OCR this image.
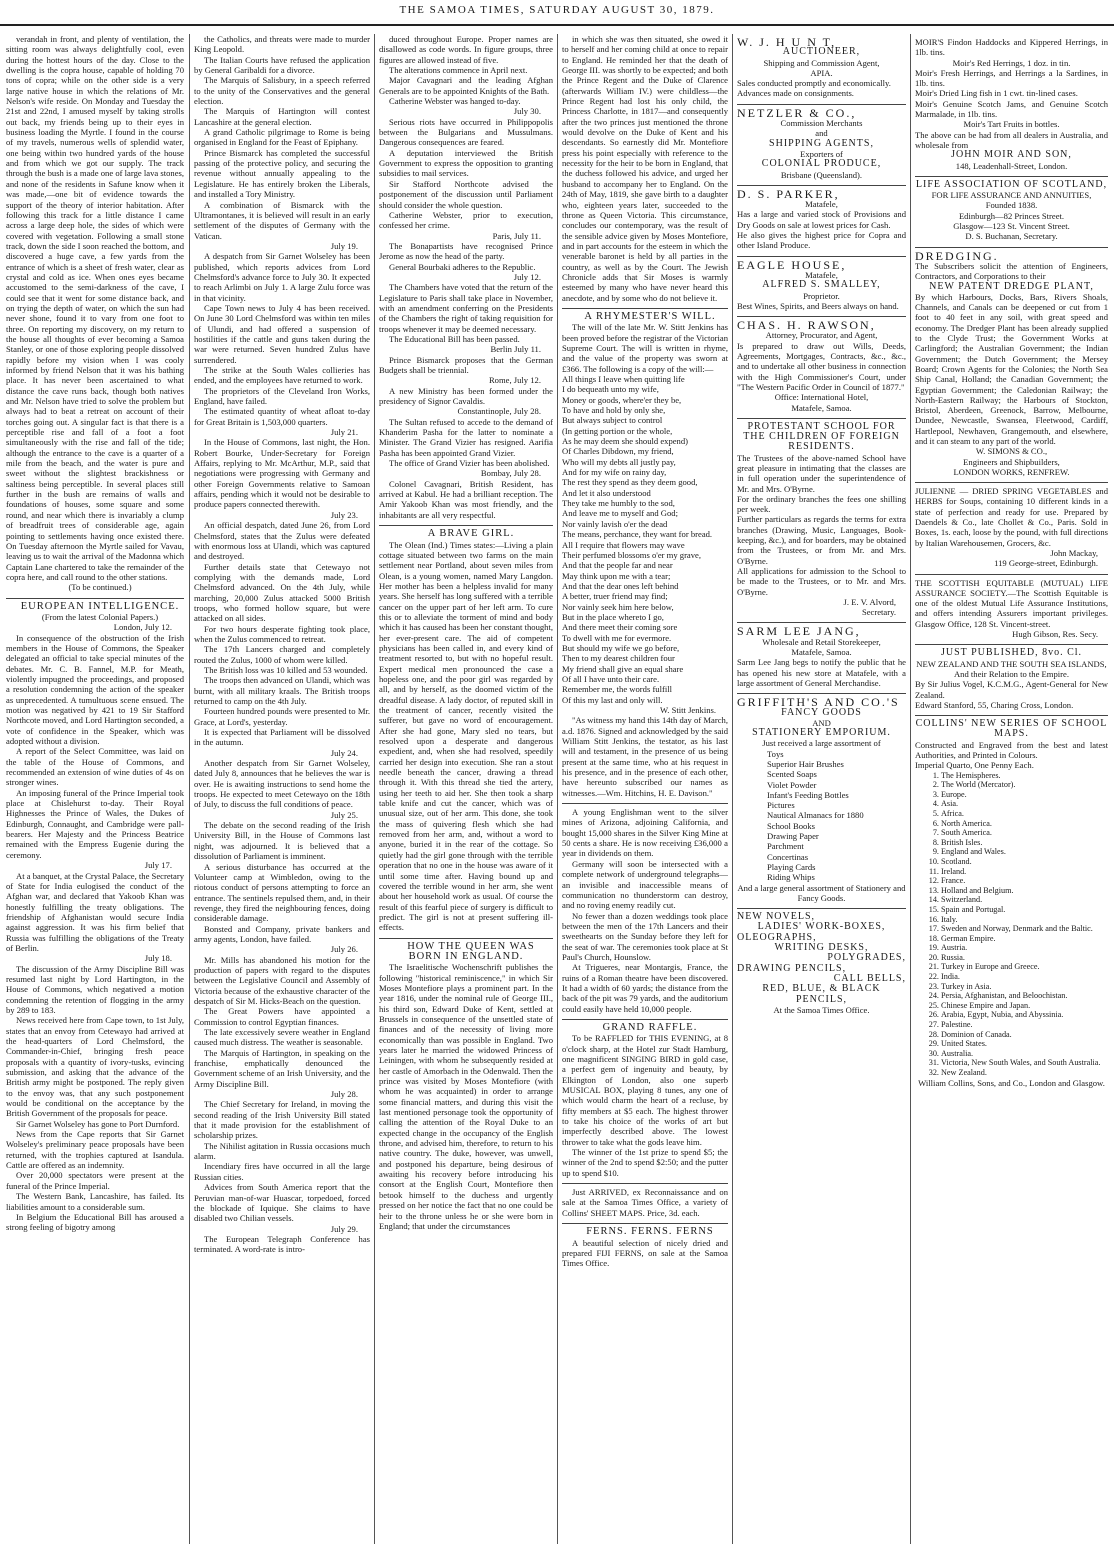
THE SAMOA TIMES, SATURDAY AUGUST 30, 1879.

verandah in front, and plenty of ventilation, the sitting room was always delightfully cool, even during the hottest hours of the day. Close to the dwelling is the copra house, capable of holding 70 tons of copra; while on the other side is a very large native house in which the relations of Mr. Nelson's wife reside. On Monday and Tuesday the 21st and 22nd, I amused myself by taking strolls out back, my friends being up to their eyes in business loading the Myrtle. I found in the course of my travels, numerous wells of splendid water, one being within two hundred yards of the house and from which we got our supply. The track through the bush is a made one of large lava stones, and none of the residents in Safune know when it was made,—one bit of evidence towards the support of the theory of interior habitation. After following this track for a little distance I came across a large deep hole, the sides of which were covered with vegetation. Following a small stone track, down the side I soon reached the bottom, and discovered a huge cave, a few yards from the entrance of which is a sheet of fresh water, clear as crystal and cold as ice. When ones eyes became accustomed to the semi-darkness of the cave, I could see that it went for some distance back, and on trying the depth of water, on which the sun had never shone, found it to vary from one foot to three. On reporting my discovery, on my return to the house all thoughts of ever becoming a Samoa Stanley, or one of those exploring people dissolved rapidly before my vision when I was cooly informed by friend Nelson that it was his bathing place. It has never been ascertained to what distance the cave runs back, though both natives and Mr. Nelson have tried to solve the problem but always had to beat a retreat on account of their torches going out. A singular fact is that there is a perceptible rise and fall of a foot a foot simultaneously with the rise and fall of the tide; although the entrance to the cave is a quarter of a mile from the beach, and the water is pure and sweet without the slightest brackishness or saltiness being perceptible. In several places still further in the bush are remains of walls and foundations of houses, some square and some round, and near which there is invariably a clump of breadfruit trees of considerable age, again pointing to settlements having once existed there. On Tuesday afternoon the Myrtle sailed for Vavau, leaving us to wait the arrival of the Madonna which Captain Lane chartered to take the remainder of the copra here, and call round to the other stations.

(To be continued.)

EUROPEAN INTELLIGENCE.

(From the latest Colonial Papers.)

London, July 12.

In consequence of the obstruction of the Irish members in the House of Commons, the Speaker delegated an official to take special minutes of the debates. Mr. C. B. Fannel, M.P. for Meath, violently impugned the proceedings, and proposed a resolution condemning the action of the speaker as unprecedented. A tumultuous scene ensued. The motion was negatived by 421 to 19 Sir Stafford Northcote moved, and Lord Hartington seconded, a vote of confidence in the Speaker, which was adopted without a division.

A report of the Select Committee, was laid on the table of the House of Commons, and recommended an extension of wine duties of 4s on stronger wines.

An imposing funeral of the Prince Imperial took place at Chislehurst to-day. Their Royal Highnesses the Prince of Wales, the Dukes of Edinburgh, Connaught, and Cambridge were pall-bearers. Her Majesty and the Princess Beatrice remained with the Empress Eugenie during the ceremony.

July 17.

At a banquet, at the Crystal Palace, the Secretary of State for India eulogised the conduct of the Afghan war, and declared that Yakoob Khan was honestly fulfilling the treaty obligations. The friendship of Afghanistan would secure India against aggression. It was his firm belief that Russia was fulfilling the obligations of the Treaty of Berlin.

July 18.

The discussion of the Army Discipline Bill was resumed last night by Lord Hartington, in the House of Commons, which negatived a motion condemning the retention of flogging in the army by 289 to 183.

News received here from Cape town, to 1st July, states that an envoy from Cetewayo had arrived at the head-quarters of Lord Chelmsford, the Commander-in-Chief, bringing fresh peace proposals with a quantity of ivory-tusks, evincing submission, and asking that the advance of the British army might be postponed. The reply given to the envoy was, that any such postponement would be conditional on the acceptance by the British Government of the proposals for peace.

Sir Garnet Wolseley has gone to Port Durnford.

News from the Cape reports that Sir Garnet Wolseley's preliminary peace proposals have been returned, with the trophies captured at Isandula. Cattle are offered as an indemnity.

Over 20,000 spectators were present at the funeral of the Prince Imperial.

The Western Bank, Lancashire, has failed. Its liabilities amount to a considerable sum.

In Belgium the Educational Bill has aroused a strong feeling of bigotry among

the Catholics, and threats were made to murder King Leopold.

The Italian Courts have refused the application by General Garibaldi for a divorce.

The Marquis of Salisbury, in a speech referred to the unity of the Conservatives and the general election.

The Marquis of Hartington will contest Lancashire at the general election.

A grand Catholic pilgrimage to Rome is being organised in England for the Feast of Epiphany.

Prince Bismarck has completed the successful passing of the protective policy, and securing the revenue without annually appealing to the Legislature. He has entirely broken the Liberals, and installed a Tory Ministry.

A combination of Bismarck with the Ultramontanes, it is believed will result in an early settlement of the disputes of Germany with the Vatican.

July 19.

A despatch from Sir Garnet Wolseley has been published, which reports advices from Lord Chelmsford's advance force to July 30. It expected to reach Arlimbi on July 1. A large Zulu force was in that vicinity.

Cape Town news to July 4 has been received. On June 30 Lord Chelmsford was within ten miles of Ulundi, and had offered a suspension of hostilities if the cattle and guns taken during the war were returned. Seven hundred Zulus have surrendered.

The strike at the South Wales collieries has ended, and the employees have returned to work.

The proprietors of the Cleveland Iron Works, England, have failed.

The estimated quantity of wheat afloat to-day for Great Britain is 1,503,000 quarters.

July 21.

In the House of Commons, last night, the Hon. Robert Bourke, Under-Secretary for Foreign Affairs, replying to Mr. McArthur, M.P., said that negotiations were progressing with Germany and other Foreign Governments relative to Samoan affairs, pending which it would not be desirable to produce papers connected therewith.

July 23.

An official despatch, dated June 26, from Lord Chelmsford, states that the Zulus were defeated with enormous loss at Ulandi, which was captured and destroyed.

Further details state that Cetewayo not complying with the demands made, Lord Chelmsford advanced. On the 4th July, while marching, 20,000 Zulus attacked 5000 British troops, who formed hollow square, but were attacked on all sides.

For two hours desperate fighting took place, when the Zulus commenced to retreat.

The 17th Lancers charged and completely routed the Zulus, 1000 of whom were killed.

The British loss was 10 killed and 53 wounded.

The troops then advanced on Ulandi, which was burnt, with all military kraals. The British troops returned to camp on the 4th July.

Fourteen hundred pounds were presented to Mr. Grace, at Lord's, yesterday.

It is expected that Parliament will be dissolved in the autumn.

July 24.

Another despatch from Sir Garnet Wolseley, dated July 8, announces that he believes the war is over. He is awaiting instructions to send home the troops. He expected to meet Cetewayo on the 18th of July, to discuss the full conditions of peace.

July 25.

The debate on the second reading of the Irish University Bill, in the House of Commons last night, was adjourned. It is believed that a dissolution of Parliament is imminent.

A serious disturbance has occurred at the Volunteer camp at Wimbledon, owing to the riotous conduct of persons attempting to force an entrance. The sentinels repulsed them, and, in their revenge, they fired the neighbouring fences, doing considerable damage.

Bonsted and Company, private bankers and army agents, London, have failed.

July 26.

Mr. Mills has abandoned his motion for the production of papers with regard to the disputes between the Legislative Council and Assembly of Victoria because of the exhaustive character of the despatch of Sir M. Hicks-Beach on the question.

The Great Powers have appointed a Commission to control Egyptian finances.

The late excessively severe weather in England caused much distress. The weather is seasonable.

The Marquis of Hartington, in speaking on the franchise, emphatically denounced the Government scheme of an Irish University, and the Army Discipline Bill.

July 28.

The Chief Secretary for Ireland, in moving the second reading of the Irish University Bill stated that it made provision for the establishment of scholarship prizes.

The Nihilist agitation in Russia occasions much alarm.

Incendiary fires have occurred in all the large Russian cities.

Advices from South America report that the Peruvian man-of-war Huascar, torpedoed, forced the blockade of Iquique. She claims to have disabled two Chilian vessels.

July 29.

The European Telegraph Conference has terminated. A word-rate is intro-

duced throughout Europe. Proper names are disallowed as code words. In figure groups, three figures are allowed instead of five.

The alterations commence in April next.

Major Cavagnari and the leading Afghan Generals are to be appointed Knights of the Bath.

Catherine Webster was hanged to-day.

July 30.

Serious riots have occurred in Philippopolis between the Bulgarians and Mussulmans. Dangerous consequences are feared.

A deputation interviewed the British Government to express the opposition to granting subsidies to mail services.

Sir Stafford Northcote advised the postponement of the discussion until Parliament should consider the whole question.

Catherine Webster, prior to execution, confessed her crime.

Paris, July 11.

The Bonapartists have recognised Prince Jerome as now the head of the party.

General Bourbaki adheres to the Republic.

July 12.

The Chambers have voted that the return of the Legislature to Paris shall take place in November, with an amendment conferring on the Presidents of the Chambers the right of taking requisition for troops whenever it may be deemed necessary.

The Educational Bill has been passed.

Berlin July 11.

Prince Bismarck proposes that the German Budgets shall be triennial.

Rome, July 12.

A new Ministry has been formed under the presidency of Signor Cavaldis.

Constantinople, July 28.

The Sultan refused to accede to the demand of Khanderim Pasha for the latter to nominate a Minister. The Grand Vizier has resigned. Aarifia Pasha has been appointed Grand Vizier.

The office of Grand Vizier has been abolished.

Bombay, July 28.

Colonel Cavagnari, British Resident, has arrived at Kabul. He had a brilliant reception. The Amir Yakoob Khan was most friendly, and the inhabitants are all very respectful.

A BRAVE GIRL.

The Olean (Ind.) Times states:—Living a plain cottage situated between two farms on the main settlement near Portland, about seven miles from Olean, is a young women, named Mary Langdon. Her mother has been a helpless invalid for many years. She herself has long suffered with a terrible cancer on the upper part of her left arm. To cure this or to alleviate the torment of mind and body which it has caused has been her constant thought, her ever-present care. The aid of competent physicians has been called in, and every kind of treatment resorted to, but with no hopeful result. Expert medical men pronounced the case a hopeless one, and the poor girl was regarded by all, and by herself, as the doomed victim of the dreadful disease. A lady doctor, of reputed skill in the treatment of cancer, recently visited the sufferer, but gave no word of encouragement. After she had gone, Mary sled no tears, but resolved upon a desperate and dangerous expedient, and, when she had resolved, speedily carried her design into execution. She ran a stout needle beneath the cancer, drawing a thread through it. With this thread she tied the artery, using her teeth to aid her. She then took a sharp table knife and cut the cancer, which was of unusual size, out of her arm. This done, she took the mass of quivering flesh which she had removed from her arm, and, without a word to anyone, buried it in the rear of the cottage. So quietly had the girl gone through with the terrible operation that no one in the house was aware of it until some time after. Having bound up and covered the terrible wound in her arm, she went about her household work as usual. Of course the result of this fearful piece of surgery is difficult to predict. The girl is not at present suffering ill-effects.

HOW THE QUEEN WAS BORN IN ENGLAND.

The Israelitische Wochenschrift publishes the following "historical reminiscence," in which Sir Moses Montefiore plays a prominent part. In the year 1816, under the nominal rule of George III., his third son, Edward Duke of Kent, settled at Brussels in consequence of the unsettled state of finances and of the necessity of living more economically than was possible in England. Two years later he married the widowed Princess of Leiningen, with whom he subsequently resided at her castle of Amorbach in the Odenwald. Then the prince was visited by Moses Montefiore (with whom he was acquainted) in order to arrange some financial matters, and during this visit the last mentioned personage took the opportunity of calling the attention of the Royal Duke to an expected change in the occupancy of the English throne, and advised him, therefore, to return to his native country. The duke, however, was unwell, and postponed his departure, being desirous of awaiting his recovery before introducing his consort at the English Court, Montefiore then betook himself to the duchess and urgently pressed on her notice the fact that no one could be heir to the throne unless he or she were born in England; that under the circumstances

in which she was then situated, she owed it to herself and her coming child at once to repair to England. He reminded her that the death of George III. was shortly to be expected; and both the Prince Regent and the Duke of Clarence (afterwards William IV.) were childless—the Prince Regent had lost his only child, the Princess Charlotte, in 1817—and consequently after the two princes just mentioned the throne would devolve on the Duke of Kent and his descendants. So earnestly did Mr. Montefiore press his point especially with reference to the necessity for the heir to be born in England, that the duchess followed his advice, and urged her husband to accompany her to England. On the 24th of May, 1819, she gave birth to a daughter who, eighteen years later, succeeded to the throne as Queen Victoria. This circumstance, concludes our contemporary, was the result of the sensible advice given by Moses Montefiore, and in part accounts for the esteem in which the venerable baronet is held by all parties in the country, as well as by the Court. The Jewish Chronicle adds that Sir Moses is warmly esteemed by many who have never heard this anecdote, and by some who do not believe it.

A RHYMESTER'S WILL.

The will of the late Mr. W. Stitt Jenkins has been proved before the registrar of the Victorian Supreme Court. The will is written in rhyme, and the value of the property was sworn at £366. The following is a copy of the will:—

All things I leave when quitting life

I do bequeath unto my wife,

Money or goods, where'er they be,

To have and hold by only she,

But always subject to control

(In getting portion or the whole,

As he may deem she should expend)

Of Charles Dibdown, my friend,

Who will my debts all justly pay,

And for my wife on rainy day,

The rest they spend as they deem good,

And let it also understood

They take me humbly to the sod,

And leave me to myself and God;

Nor vainly lavish o'er the dead

The means, perchance, they want for bread.

All I require that flowers may wave

Their perfumed blossoms o'er my grave,

And that the people far and near

May think upon me with a tear;

And that the dear ones left behind

A better, truer friend may find;

Nor vainly seek him here below,

But in the place whereto I go,

And there meet their coming sore

To dwell with me for evermore.

But should my wife we go before,

Then to my dearest children four

My friend shall give an equal share

Of all I have unto their care.

Remember me, the words fulfill

Of this my last and only will.

W. Stitt Jenkins.

"As witness my hand this 14th day of March, a.d. 1876. Signed and acknowledged by the said William Stitt Jenkins, the testator, as his last will and testament, in the presence of us being present at the same time, who at his request in his presence, and in the presence of each other, have hereunto subscribed our names as witnesses.—Wm. Hitchins, H. E. Davison."

A young Englishman went to the silver mines of Arizona, adjoining California, and bought 15,000 shares in the Silver King Mine at 50 cents a share. He is now receiving £36,000 a year in dividends on them.

Germany will soon be intersected with a complete network of underground telegraphs—an invisible and inaccessible means of communication no thunderstorm can destroy, and no roving enemy readily cut.

No fewer than a dozen weddings took place between the men of the 17th Lancers and their sweethearts on the Sunday before they left for the seat of war. The ceremonies took place at St Paul's Church, Hounslow.

At Trigueres, near Montargis, France, the ruins of a Roman theatre have been discovered. It had a width of 60 yards; the distance from the back of the pit was 79 yards, and the auditorium could easily have held 10,000 people.

GRAND RAFFLE.

To be RAFFLED for THIS EVENING, at 8 o'clock sharp, at the Hotel zur Stadt Hamburg, one magnificent SINGING BIRD in gold case, a perfect gem of ingenuity and beauty, by Elkington of London, also one superb MUSICAL BOX, playing 8 tunes, any one of which would charm the heart of a recluse, by fifty members at $5 each. The highest thrower to take his choice of the works of art but imperfectly described above. The lowest thrower to take what the gods leave him.

The winner of the 1st prize to spend $5; the winner of the 2nd to spend $2:50; and the putter up to spend $10.

Just ARRIVED, ex Reconnaissance and on sale at the Samoa Times Office, a variety of Collins' SHEET MAPS. Price, 3d. each.

FERNS. FERNS. FERNS

A beautiful selection of nicely dried and prepared FIJI FERNS, on sale at the Samoa Times Office.

W. J. H U N T,

AUCTIONEER,

Shipping and Commission Agent,

APIA.

Sales conducted promptly and economically.

Advances made on consignments.

NETZLER & CO.,

Commission Merchants

and

SHIPPING AGENTS,

Exporters of

COLONIAL PRODUCE,

Brisbane (Queensland).

D. S. PARKER,

Matafele,

Has a large and varied stock of Provisions and Dry Goods on sale at lowest prices for Cash.

He also gives the highest price for Copra and other Island Produce.

EAGLE HOUSE,

Matafele,

ALFRED S. SMALLEY,

Proprietor.

Best Wines, Spirits, and Beers always on hand.

CHAS. H. RAWSON,

Attorney, Procurator, and Agent,

Is prepared to draw out Wills, Deeds, Agreements, Mortgages, Contracts, &c., &c., and to undertake all other business in connection with the High Commissioner's Court, under "The Western Pacific Order in Council of 1877."

Office: International Hotel,

Matafele, Samoa.

PROTESTANT SCHOOL FOR THE CHILDREN OF FOREIGN RESIDENTS.

The Trustees of the above-named School have great pleasure in intimating that the classes are in full operation under the superintendence of Mr. and Mrs. O'Byrne.

For the ordinary branches the fees one shilling per week.

Further particulars as regards the terms for extra branches (Drawing, Music, Languages, Book-keeping, &c.), and for boarders, may be obtained from the Trustees, or from Mr. and Mrs. O'Byrne.

All applications for admission to the School to be made to the Trustees, or to Mr. and Mrs. O'Byrne.

J. E. V. Alvord,

Secretary.

SARM LEE JANG,

Wholesale and Retail Storekeeper,

Matafele, Samoa.

Sarm Lee Jang begs to notify the public that he has opened his new store at Matafele, with a large assortment of General Merchandise.

GRIFFITH'S AND CO.'S

FANCY GOODS

AND

STATIONERY EMPORIUM.

Just received a large assortment of

Toys

Superior Hair Brushes

Scented Soaps

Violet Powder

Infant's Feeding Bottles

Pictures

Nautical Almanacs for 1880

School Books

Drawing Paper

Parchment

Concertinas

Playing Cards

Riding Whips

And a large general assortment of Stationery and Fancy Goods.

NEW NOVELS,

LADIES' WORK-BOXES,

OLEOGRAPHS,

WRITING DESKS,

POLYGRADES,

DRAWING PENCILS,

CALL BELLS,

RED, BLUE, & BLACK PENCILS,

At the Samoa Times Office.

MOIR'S Findon Haddocks and Kippered Herrings, in 1lb. tins.

Moir's Red Herrings, 1 doz. in tin.

Moir's Fresh Herrings, and Herrings a la Sardines, in 1lb. tins.

Moir's Dried Ling fish in 1 cwt. tin-lined cases.

Moir's Genuine Scotch Jams, and Genuine Scotch Marmalade, in 1lb. tins.

Moir's Tart Fruits in bottles.

The above can be had from all dealers in Australia, and wholesale from

JOHN MOIR AND SON,

148, Leadenhall-Street, London.

LIFE ASSOCIATION OF SCOTLAND,

FOR LIFE ASSURANCE AND ANNUITIES,

Founded 1838.

Edinburgh—82 Princes Street.

Glasgow—123 St. Vincent Street.

D. S. Buchanan, Secretary.

DREDGING.

The Subscribers solicit the attention of Engineers, Contractors, and Corporations to their

NEW PATENT DREDGE PLANT,

By which Harbours, Docks, Bars, Rivers Shoals, Channels, and Canals can be deepened or cut from 1 foot to 40 feet in any soil, with great speed and economy. The Dredger Plant has been already supplied to the Clyde Trust; the Government Works at Carlingford; the Australian Government; the Indian Government; the Dutch Government; the Mersey Board; Crown Agents for the Colonies; the North Sea Ship Canal, Holland; the Canadian Government; the Egyptian Government; the Caledonian Railway; the North-Eastern Railway; the Harbours of Stockton, Bristol, Aberdeen, Greenock, Barrow, Melbourne, Dundee, Newcastle, Swansea, Fleetwood, Cardiff, Hartlepool, Newhaven, Grangemouth, and elsewhere, and it can steam to any part of the world.

W. SIMONS & CO.,

Engineers and Shipbuilders,

LONDON WORKS, RENFREW.

JULIENNE — DRIED SPRING VEGETABLES and HERBS for Soups, containing 10 different kinds in a state of perfection and ready for use. Prepared by Daendels & Co., late Chollet & Co., Paris. Sold in Boxes, 1s. each, loose by the pound, with full directions by Italian Warehousemen, Grocers, &c.

John Mackay,

119 George-street, Edinburgh.

THE SCOTTISH EQUITABLE (MUTUAL) LIFE ASSURANCE SOCIETY.—The Scottish Equitable is one of the oldest Mutual Life Assurance Institutions, and offers intending Assurers important privileges. Glasgow Office, 128 St. Vincent-street.

Hugh Gibson, Res. Secy.

JUST PUBLISHED, 8vo. Cl.

NEW ZEALAND AND THE SOUTH SEA ISLANDS,

And their Relation to the Empire.

By Sir Julius Vogel, K.C.M.G., Agent-General for New Zealand.

Edward Stanford, 55, Charing Cross, London.

COLLINS' NEW SERIES OF SCHOOL MAPS.

Constructed and Engraved from the best and latest Authorities, and Printed in Colours.

Imperial Quarto, One Penny Each.

1. The Hemispheres.
2. The World (Mercator).
3. Europe.
4. Asia.
5. Africa.
6. North America.
7. South America.
8. British Isles.
9. England and Wales.
10. Scotland.
11. Ireland.
12. France.
13. Holland and Belgium.
14. Switzerland.
15. Spain and Portugal.
16. Italy.
17. Sweden and Norway, Denmark and the Baltic.
18. German Empire.
19. Austria.
20. Russia.
21. Turkey in Europe and Greece.
22. India.
23. Turkey in Asia.
24. Persia, Afghanistan, and Beloochistan.
25. Chinese Empire and Japan.
26. Arabia, Egypt, Nubia, and Abyssinia.
27. Palestine.
28. Dominion of Canada.
29. United States.
30. Australia.
31. Victoria, New South Wales, and South Australia.
32. New Zealand.

William Collins, Sons, and Co., London and Glasgow.
